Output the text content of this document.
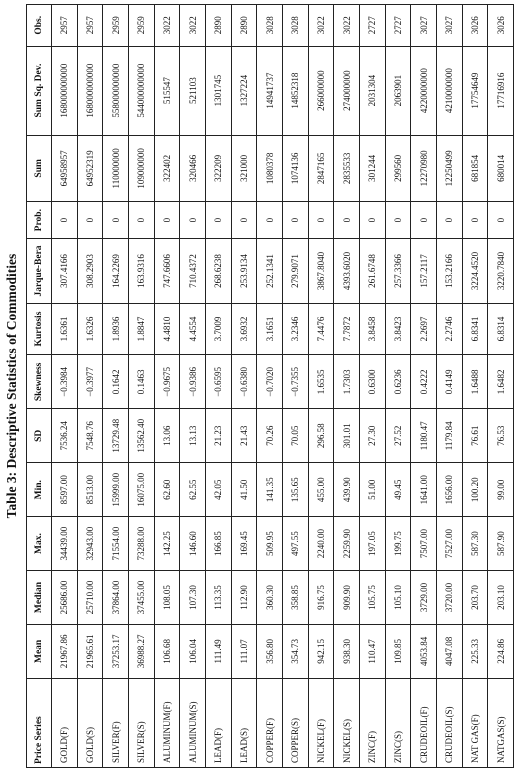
Table 3: Descriptive Statistics of Commodities
Price Series	Mean	Median	Max.	Min.	SD	Skewness	Kurtosis	Jarque-Bera	Prob.	Sum	Sum Sq. Dev.	Obs.
GOLD(F)	21967.86	25686.00	34439.00	8597.00	7536.24	−0.3984	1.6361	307.4166	0	64958957	168000000000	2957
GOLD(S)	21965.61	25710.00	32943.00	8513.00	7548.76	−0.3977	1.6326	308.2903	0	64952319	168000000000	2957
SILVER(F)	37253.17	37864.00	71554.00	15999.00	13729.48	0.1642	1.8936	164.2269	0	110000000	558000000000	2959
SILVER(S)	36988.27	37455.00	73288.00	16075.00	13562.40	0.1463	1.8847	163.9316	0	109000000	544000000000	2959
ALUMINUM(F)	106.68	108.05	142.25	62.60	13.06	−0.9675	4.4810	747.6606	0	322402	515547	3022
ALUMINUM(S)	106.04	107.30	146.60	62.55	13.13	−0.9386	4.4554	710.4372	0	320466	521103	3022
LEAD(F)	111.49	113.35	166.85	42.05	21.23	−0.6595	3.7009	268.6238	0	322209	1301745	2890
LEAD(S)	111.07	112.90	169.45	41.50	21.43	−0.6380	3.6932	253.9134	0	321000	1327224	2890
COPPER(F)	356.80	360.30	509.95	141.35	70.26	−0.7020	3.1651	252.1341	0	1080378	14941737	3028
COPPER(S)	354.73	358.85	497.55	135.65	70.05	−0.7355	3.2346	279.9071	0	1074136	14852318	3028
NICKEL(F)	942.15	916.75	2240.00	455.00	296.58	1.6535	7.4476	3867.8040	0	2847165	266000000	3022
NICKEL(S)	938.30	909.90	2259.90	439.90	301.01	1.7303	7.7872	4393.6020	0	2835533	274000000	3022
ZINC(F)	110.47	105.75	197.05	51.00	27.30	0.6300	3.8458	261.6748	0	301244	2031304	2727
ZINC(S)	109.85	105.10	199.75	49.45	27.52	0.6236	3.8423	257.3366	0	299560	2063901	2727
CRUDEOIL(F)	4053.84	3729.00	7507.00	1641.00	1180.47	0.4222	2.2697	157.2117	0	12270980	4220000000	3027
CRUDEOIL(S)	4047.08	3720.00	7527.00	1656.00	1179.84	0.4149	2.2746	153.2166	0	12250499	4210000000	3027
NAT GAS(F)	225.33	203.70	587.30	100.20	76.61	1.6488	6.8341	3224.4520	0	681854	17754649	3026
NATGAS(S)	224.86	203.10	587.90	99.00	76.53	1.6482	6.8314	3220.7840	0	680014	17716916	3026
